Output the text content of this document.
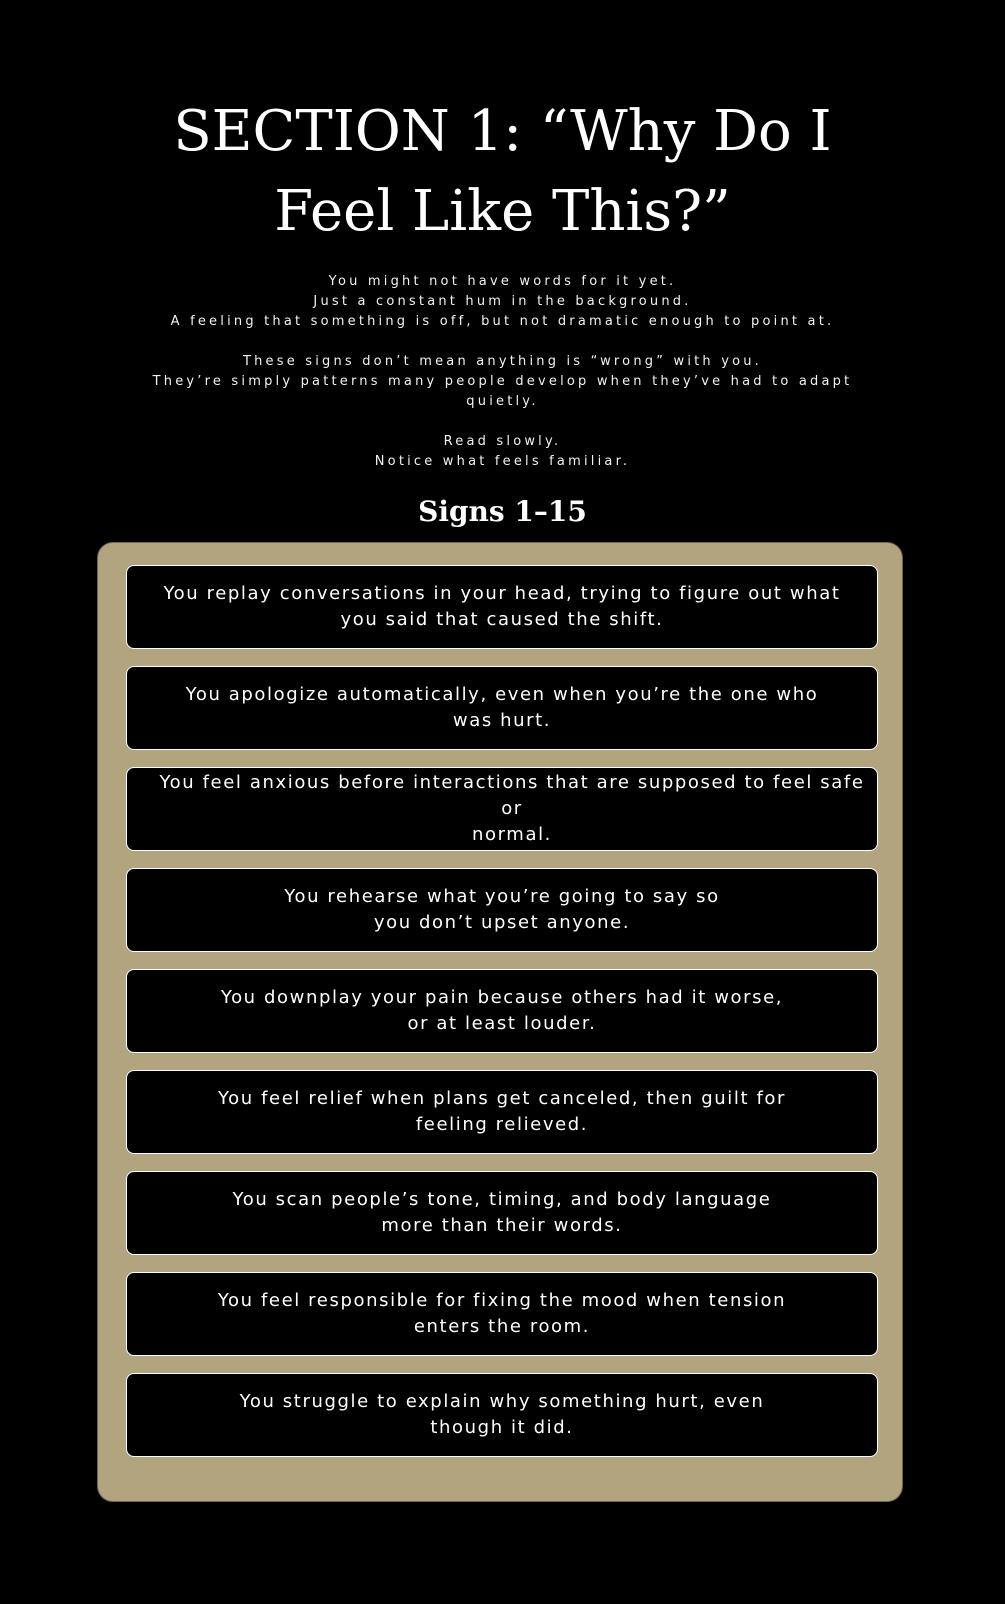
SECTION 1: “Why Do I
Feel Like This?”

You might not have words for it yet.
Just a constant hum in the background.
A feeling that something is off, but not dramatic enough to point at.

These signs don’t mean anything is “wrong” with you.
They’re simply patterns many people develop when they’ve had to adapt
quietly.

Read slowly.
Notice what feels familiar.

Signs 1–15
You replay conversations in your head, trying to figure out what
you said that caused the shift.
You apologize automatically, even when you’re the one who
was hurt.
You feel anxious before interactions that are supposed to feel safe or
normal.
You rehearse what you’re going to say so
you don’t upset anyone.
You downplay your pain because others had it worse,
or at least louder.
You feel relief when plans get canceled, then guilt for
feeling relieved.
You scan people’s tone, timing, and body language
more than their words.
You feel responsible for fixing the mood when tension
enters the room.
You struggle to explain why something hurt, even
though it did.
